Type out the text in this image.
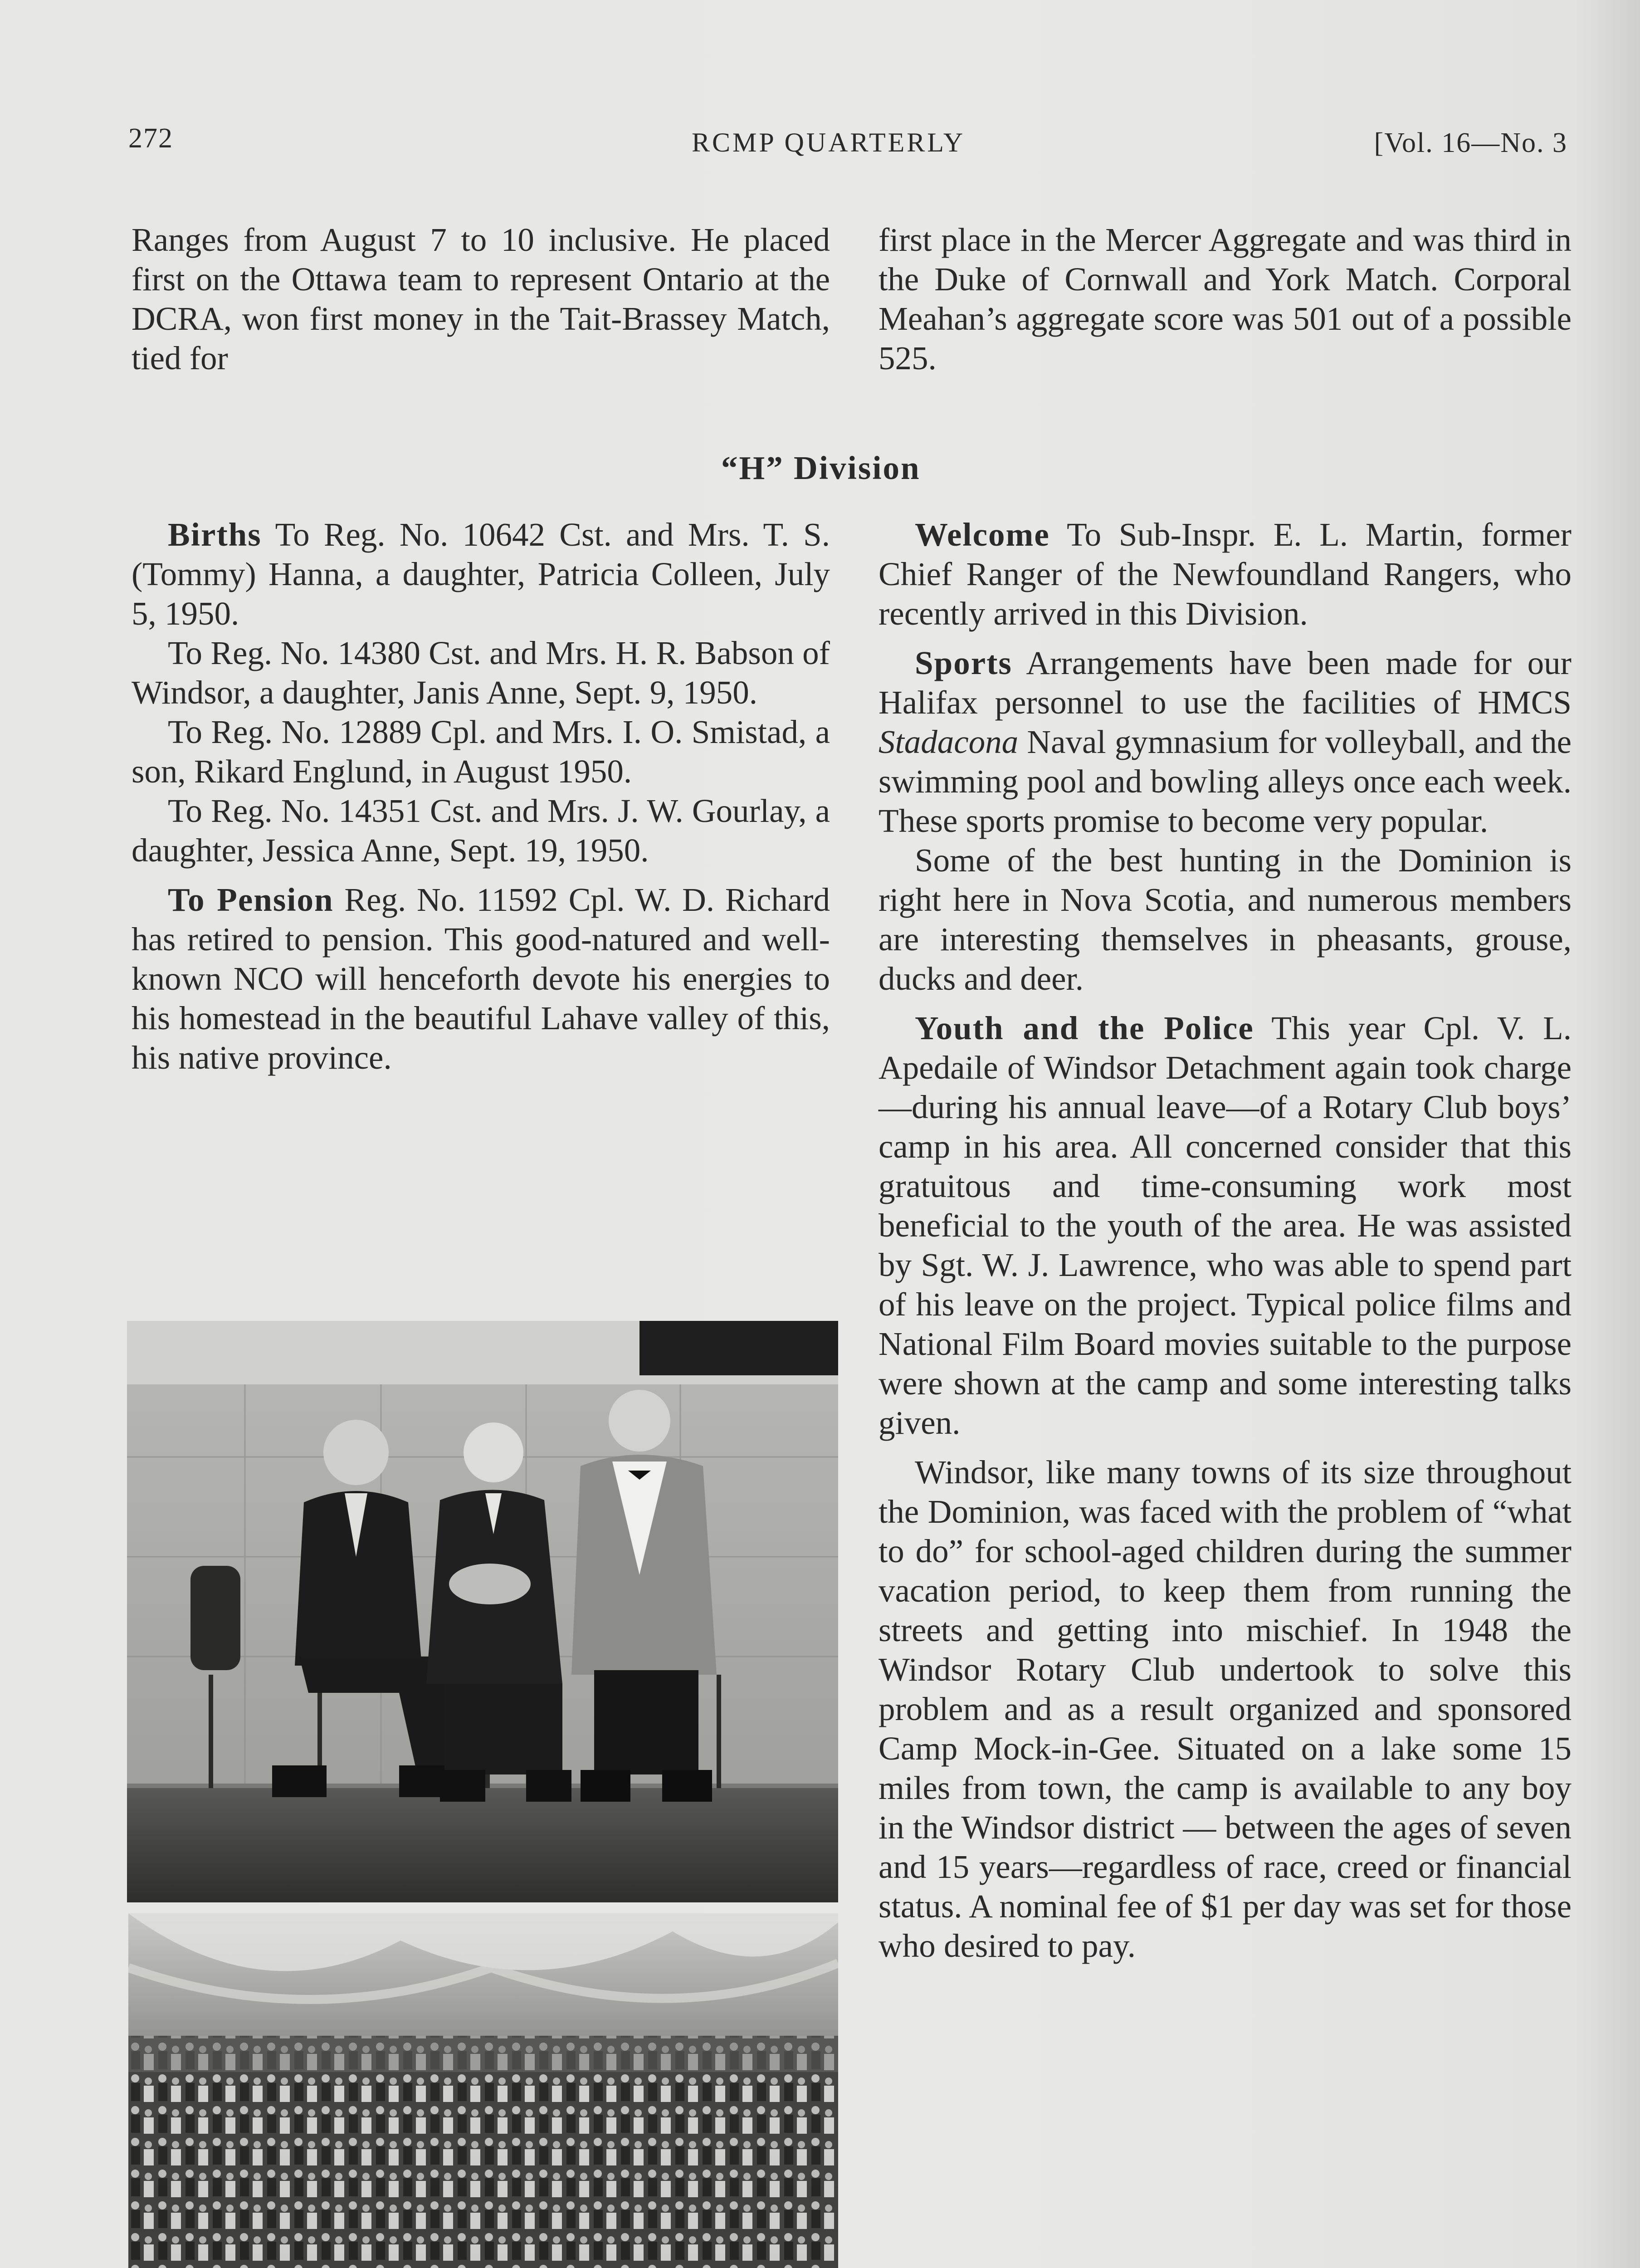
272	RCMP QUARTERLY	[Vol. 16—No. 3

Ranges from August 7 to 10 inclusive. He placed first on the Ottawa team to represent Ontario at the DCRA, won first money in the Tait-Brassey Match, tied for

first place in the Mercer Aggregate and was third in the Duke of Cornwall and York Match. Corporal Meahan’s aggregate score was 501 out of a possible 525.

“H” Division

Births To Reg. No. 10642 Cst. and Mrs. T. S. (Tommy) Hanna, a daughter, Patricia Colleen, July 5, 1950.

To Reg. No. 14380 Cst. and Mrs. H. R. Babson of Windsor, a daughter, Janis Anne, Sept. 9, 1950.

To Reg. No. 12889 Cpl. and Mrs. I. O. Smistad, a son, Rikard Englund, in August 1950.

To Reg. No. 14351 Cst. and Mrs. J. W. Gourlay, a daughter, Jessica Anne, Sept. 19, 1950.

To Pension Reg. No. 11592 Cpl. W. D. Richard has retired to pension. This good-natured and well-known NCO will henceforth devote his energies to his homestead in the beautiful Lahave valley of this, his native province.

Welcome To Sub-Inspr. E. L. Martin, former Chief Ranger of the Newfoundland Rangers, who recently arrived in this Division.

Sports Arrangements have been made for our Halifax personnel to use the facilities of HMCS Stadacona Naval gymnasium for volleyball, and the swimming pool and bowling alleys once each week. These sports promise to become very popular.

Some of the best hunting in the Dominion is right here in Nova Scotia, and numerous members are interesting themselves in pheasants, grouse, ducks and deer.

Youth and the Police This year Cpl. V. L. Apedaile of Windsor Detachment again took charge—during his annual leave—of a Rotary Club boys’ camp in his area. All concerned consider that this gratuitous and time-consuming work most beneficial to the youth of the area. He was assisted by Sgt. W. J. Lawrence, who was able to spend part of his leave on the project. Typical police films and National Film Board movies suitable to the purpose were shown at the camp and some interesting talks given.

Windsor, like many towns of its size throughout the Dominion, was faced with the problem of “what to do” for school-aged children during the summer vacation period, to keep them from running the streets and getting into mischief. In 1948 the Windsor Rotary Club undertook to solve this problem and as a result organized and sponsored Camp Mock-in-Gee. Situated on a lake some 15 miles from town, the camp is available to any boy in the Windsor district — between the ages of seven and 15 years—regardless of race, creed or financial status. A nominal fee of $1 per day was set for those who desired to pay.
